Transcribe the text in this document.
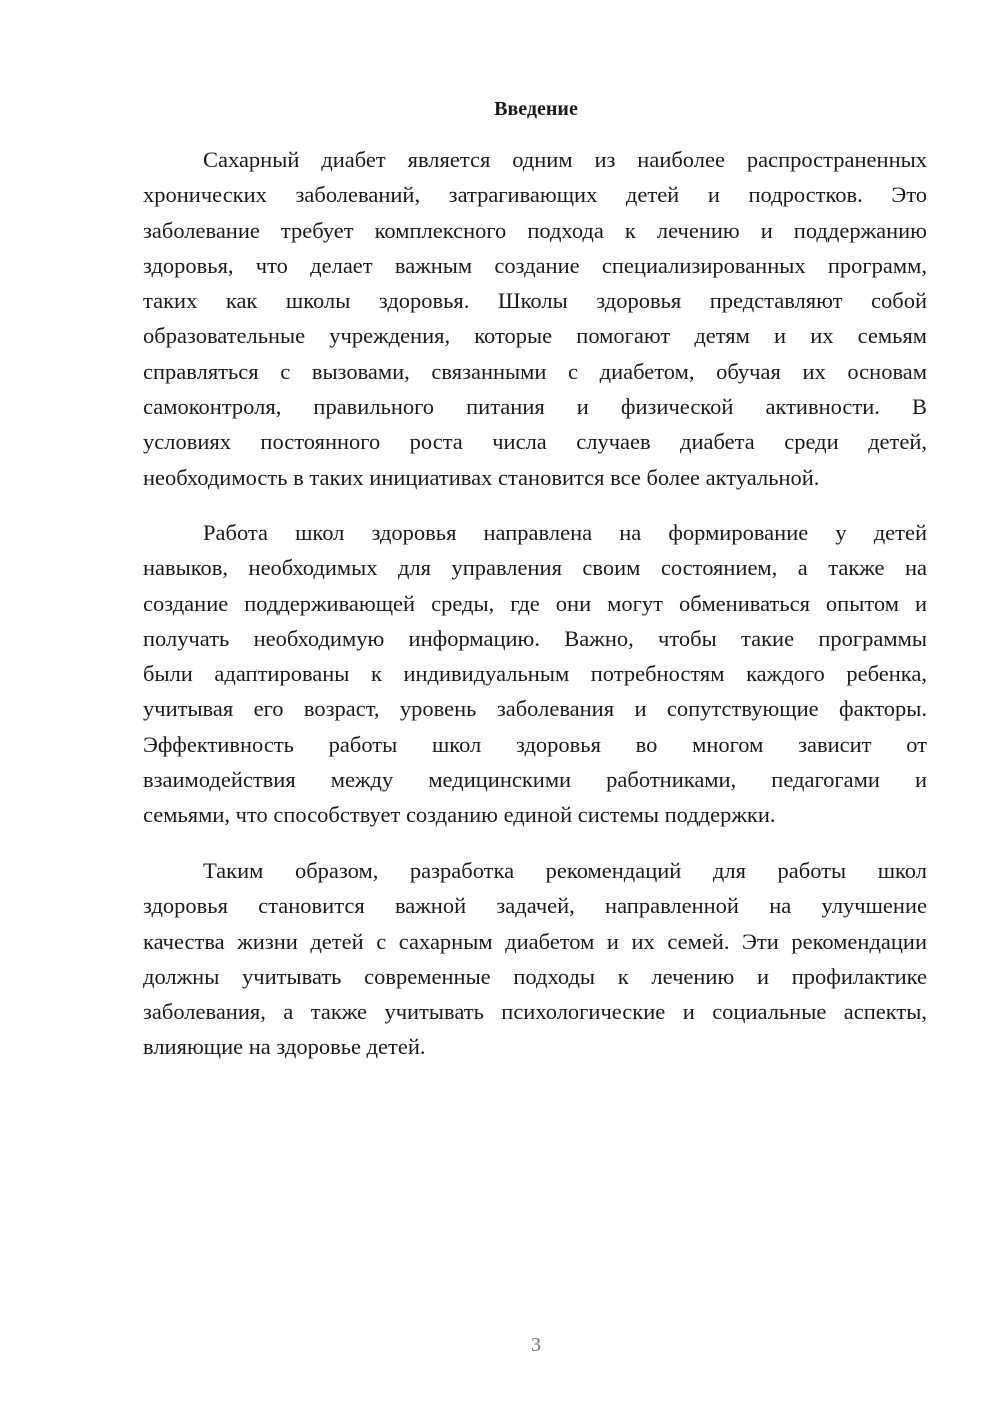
Введение
Сахарный диабет является одним из наиболее распространенных
хронических заболеваний, затрагивающих детей и подростков. Это
заболевание требует комплексного подхода к лечению и поддержанию
здоровья, что делает важным создание специализированных программ,
таких как школы здоровья. Школы здоровья представляют собой
образовательные учреждения, которые помогают детям и их семьям
справляться с вызовами, связанными с диабетом, обучая их основам
самоконтроля, правильного питания и физической активности. В
условиях постоянного роста числа случаев диабета среди детей,
необходимость в таких инициативах становится все более актуальной.
Работа школ здоровья направлена на формирование у детей
навыков, необходимых для управления своим состоянием, а также на
создание поддерживающей среды, где они могут обмениваться опытом и
получать необходимую информацию. Важно, чтобы такие программы
были адаптированы к индивидуальным потребностям каждого ребенка,
учитывая его возраст, уровень заболевания и сопутствующие факторы.
Эффективность работы школ здоровья во многом зависит от
взаимодействия между медицинскими работниками, педагогами и
семьями, что способствует созданию единой системы поддержки.
Таким образом, разработка рекомендаций для работы школ
здоровья становится важной задачей, направленной на улучшение
качества жизни детей с сахарным диабетом и их семей. Эти рекомендации
должны учитывать современные подходы к лечению и профилактике
заболевания, а также учитывать психологические и социальные аспекты,
влияющие на здоровье детей.
3
